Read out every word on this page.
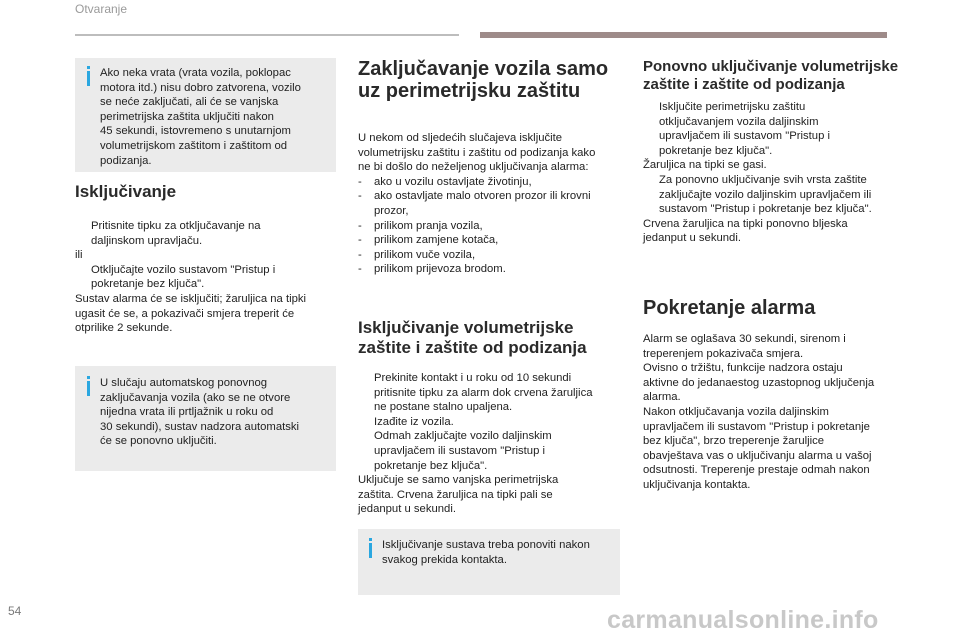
Otvaranje
Ako neka vrata (vrata vozila, poklopac
motora itd.) nisu dobro zatvorena, vozilo
se neće zaključati, ali će se vanjska
perimetrijska zaštita uključiti nakon
45 sekundi, istovremeno s unutarnjom
volumetrijskom zaštitom i zaštitom od
podizanja.
Isključivanje
Pritisnite tipku za otključavanje na
daljinskom upravljaču.
ili
Otključajte vozilo sustavom "Pristup i
pokretanje bez ključa".
Sustav alarma će se isključiti; žaruljica na tipki
ugasit će se, a pokazivači smjera treperit će
otprilike 2 sekunde.
U slučaju automatskog ponovnog
zaključavanja vozila (ako se ne otvore
nijedna vrata ili prtljažnik u roku od
30 sekundi), sustav nadzora automatski
će se ponovno uključiti.
Zaključavanje vozila samo
uz perimetrijsku zaštitu
U nekom od sljedećih slučajeva isključite
volumetrijsku zaštitu i zaštitu od podizanja kako
ne bi došlo do neželjenog uključivanja alarma:
- ako u vozilu ostavljate životinju,
- ako ostavljate malo otvoren prozor ili krovni
prozor,
- prilikom pranja vozila,
- prilikom zamjene kotača,
- prilikom vuče vozila,
- prilikom prijevoza brodom.
Isključivanje volumetrijske
zaštite i zaštite od podizanja
Prekinite kontakt i u roku od 10 sekundi
pritisnite tipku za alarm dok crvena žaruljica
ne postane stalno upaljena.
Izađite iz vozila.
Odmah zaključajte vozilo daljinskim
upravljačem ili sustavom "Pristup i
pokretanje bez ključa".
Uključuje se samo vanjska perimetrijska
zaštita. Crvena žaruljica na tipki pali se
jedanput u sekundi.
Isključivanje sustava treba ponoviti nakon
svakog prekida kontakta.
Ponovno uključivanje volumetrijske
zaštite i zaštite od podizanja
Isključite perimetrijsku zaštitu
otključavanjem vozila daljinskim
upravljačem ili sustavom "Pristup i
pokretanje bez ključa".
Žaruljica na tipki se gasi.
Za ponovno uključivanje svih vrsta zaštite
zaključajte vozilo daljinskim upravljačem ili
sustavom "Pristup i pokretanje bez ključa".
Crvena žaruljica na tipki ponovno bljeska
jedanput u sekundi.
Pokretanje alarma
Alarm se oglašava 30 sekundi, sirenom i
treperenjem pokazivača smjera.
Ovisno o tržištu, funkcije nadzora ostaju
aktivne do jedanaestog uzastopnog uključenja
alarma.
Nakon otključavanja vozila daljinskim
upravljačem ili sustavom "Pristup i pokretanje
bez ključa", brzo treperenje žaruljice
obavještava vas o uključivanju alarma u vašoj
odsutnosti. Treperenje prestaje odmah nakon
uključivanja kontakta.
54	carmanualsonline.info
